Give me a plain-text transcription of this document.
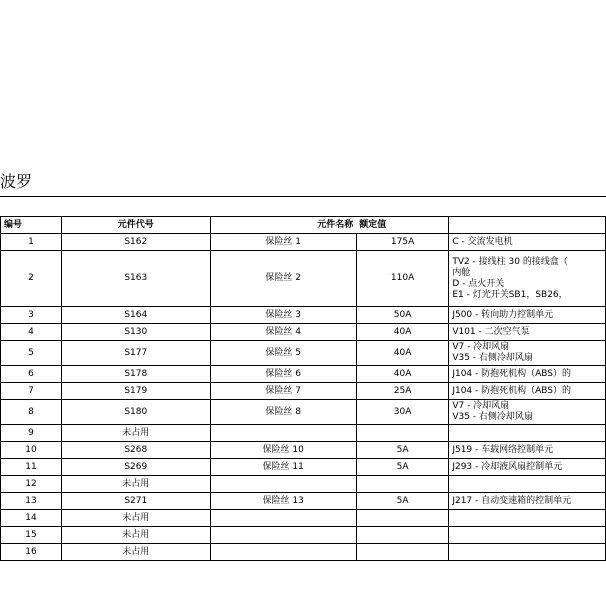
波罗
编号	元件代号	元件名称	额定值	
1	S162	保险丝 1	175A	C - 交流发电机

2	S163	保险丝 2	110A	TV2 - 接线柱 30 的接线盒（
内舱
D - 点火开关
E1 - 灯光开关SB1，SB26，

3	S164	保险丝 3	50A	J500 - 转向助力控制单元

4	S130	保险丝 4	40A	V101 - 二次空气泵

5	S177	保险丝 5	40A	V7 - 冷却风扇
V35 - 右侧冷却风扇

6	S178	保险丝 6	40A	J104 - 防抱死机构（ABS）的

7	S179	保险丝 7	25A	J104 - 防抱死机构（ABS）的

8	S180	保险丝 8	30A	V7 - 冷却风扇
V35 - 右侧冷却风扇

9	未占用			

10	S268	保险丝 10	5A	J519 - 车载网络控制单元

11	S269	保险丝 11	5A	J293 - 冷却液风扇控制单元

12	未占用			

13	S271	保险丝 13	5A	J217 - 自动变速箱的控制单元

14	未占用			

15	未占用			

16	未占用			
